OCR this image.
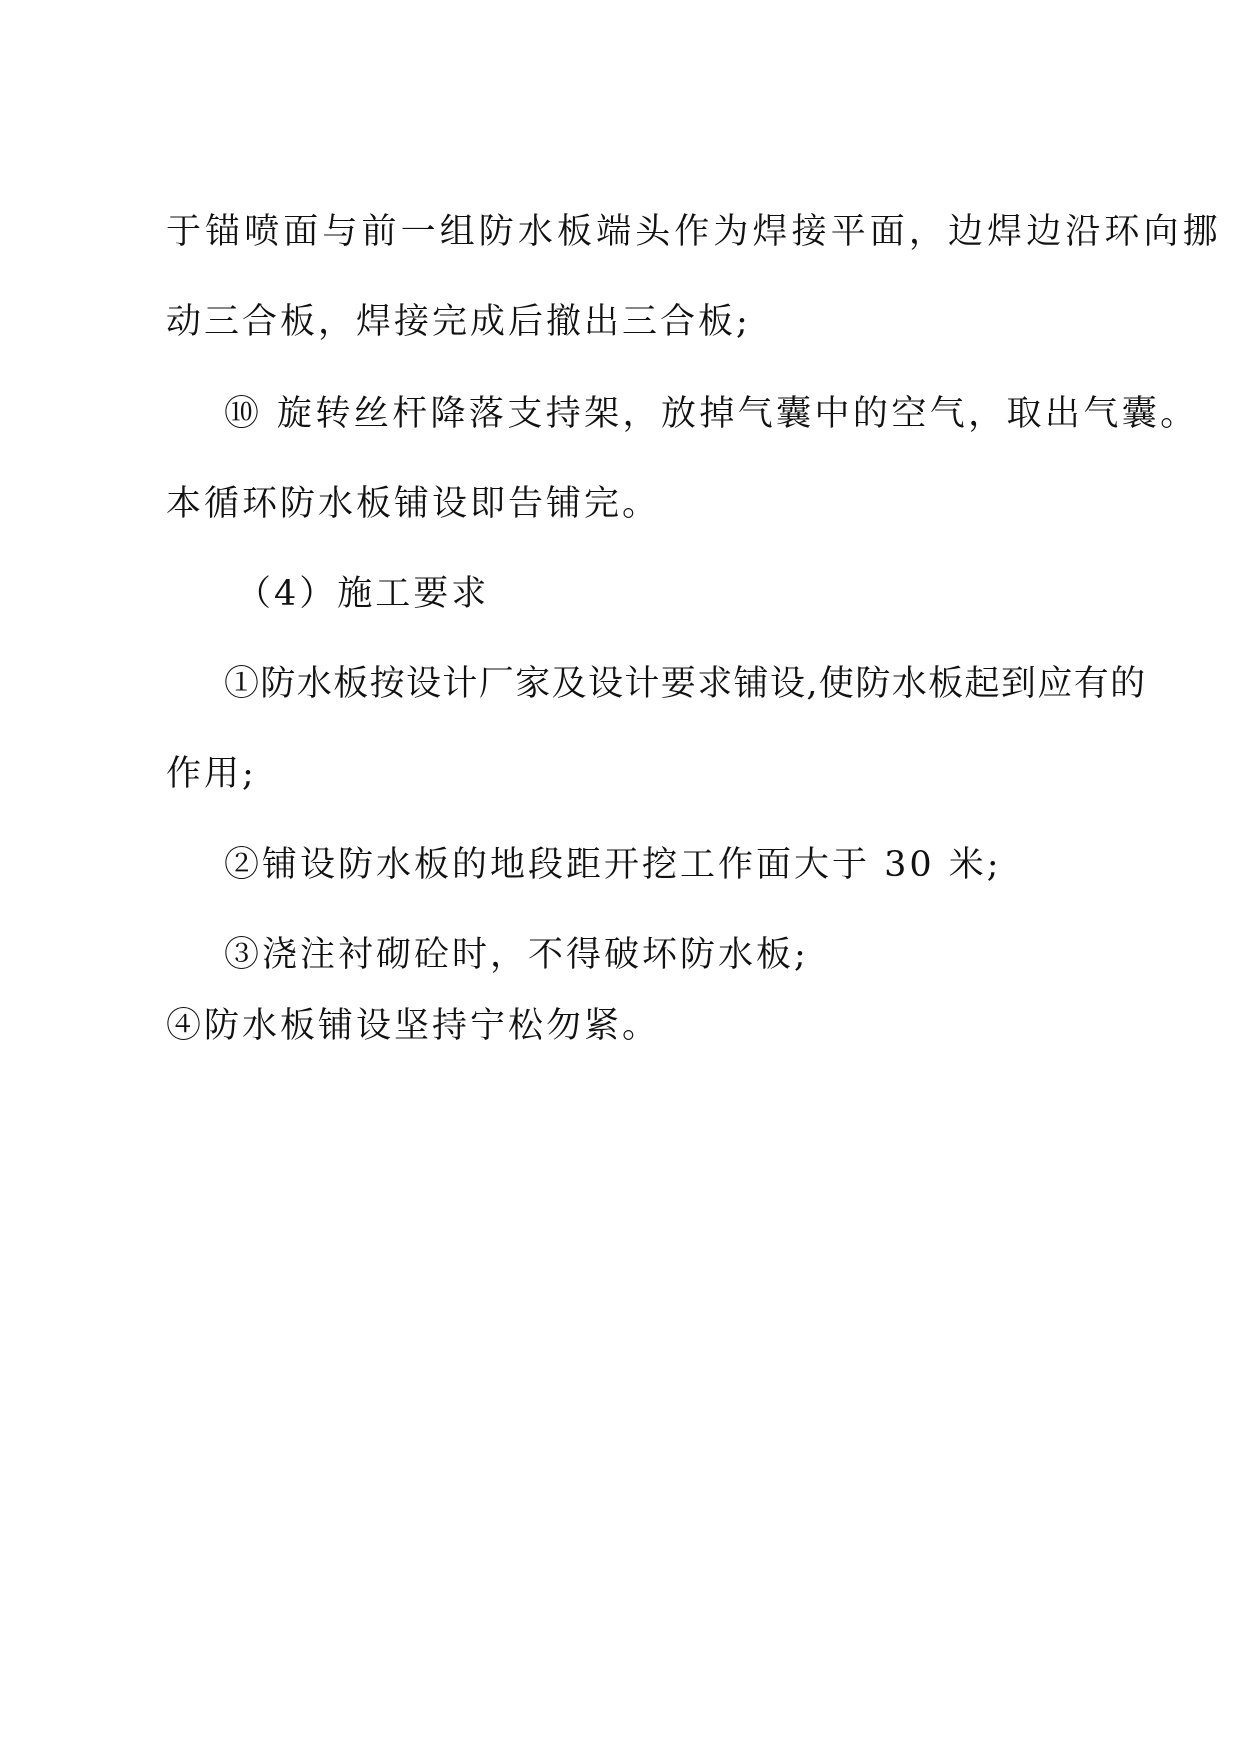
于锚喷面与前一组防水板端头作为焊接平面，边焊边沿环向挪
动三合板，焊接完成后撤出三合板;
⑩ 旋转丝杆降落支持架，放掉气囊中的空气，取出气囊。
本循环防水板铺设即告铺完。
（4）施工要求
①防水板按设计厂家及设计要求铺设,使防水板起到应有的
作用;
②铺设防水板的地段距开挖工作面大于 30 米;
③浇注衬砌砼时，不得破坏防水板;
④防水板铺设坚持宁松勿紧。
